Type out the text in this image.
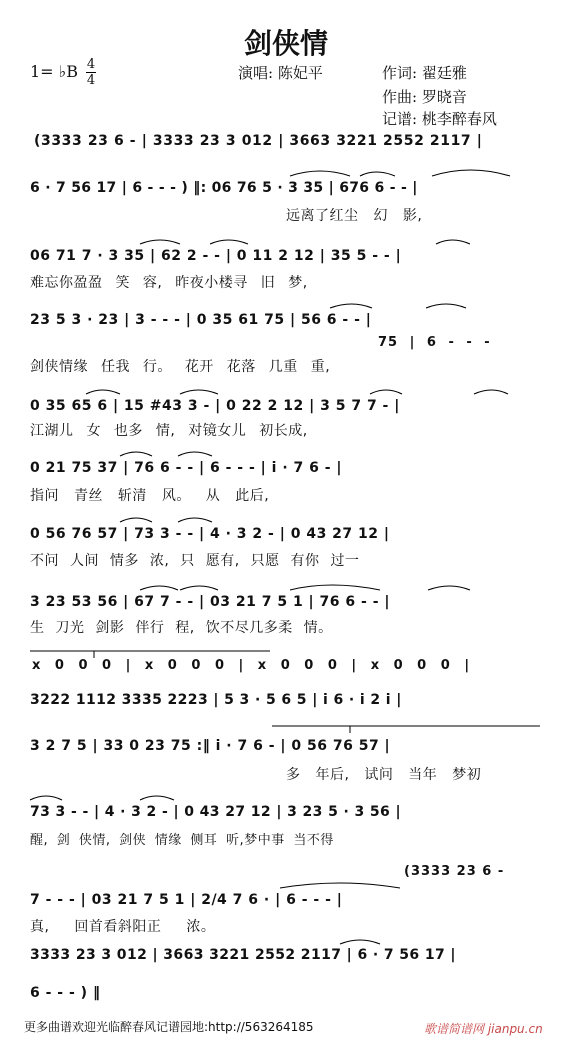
剑侠情
1= ♭B 4
4	演唱: 陈妃平	作词: 翟廷雅
作曲: 罗晓音
记谱: 桃李醉春风
(3333 23 6 - | 3333 23 3 012 | 3663 3221 2552 2117 |
6 · 7 56 17 | 6 - - - ) ‖: 06 76 5 · 3 35 | 676 6 - - |
远离了红尘 幻 影,
06 71 7 · 3 35 | 62 2 - - | 0 11 2 12 | 35 5 - - |
难忘你盈盈 笑 容, 昨夜小楼寻 旧 梦,
23 5 3 · 23 | 3 - - - | 0 35 61 75 | 56 6 - - |
75 | 6 - - -
剑侠情缘 任我 行。 花开 花落 几重 重,
0 35 65 6 | 15 #43 3 - | 0 22 2 12 | 3 5 7 7 - |
江湖儿 女 也多 情, 对镜女儿 初长成,
0 21 75 37 | 76 6 - - | 6 - - - | i · 7 6 - |
指问 青丝 斩清 风。 从 此后,
0 56 76 57 | 73 3 - - | 4 · 3 2 - | 0 43 27 12 |
不问 人间 情多 浓, 只 愿有, 只愿 有你 过一
3 23 53 56 | 67 7 - - | 03 21 7 5 1 | 76 6 - - |
生 刀光 剑影 伴行 程, 饮不尽几多柔 情。
x 0 0 0 | x 0 0 0 | x 0 0 0 | x 0 0 0 |
3222 1112 3335 2223 | 5 3 · 5 6 5 | i 6 · i 2 i |
3 2 7 5 | 33 0 23 75 :‖ i · 7 6 - | 0 56 76 57 |
多 年后, 试问 当年 梦初
73 3 - - | 4 · 3 2 - | 0 43 27 12 | 3 23 5 · 3 56 |
醒, 剑 侠情, 剑侠 情缘 侧耳 听,梦中事 当不得
(3333 23 6 -
7 - - - | 03 21 7 5 1 | 2/4 7 6 · | 6 - - - |
真, 回首看斜阳正 浓。
3333 23 3 012 | 3663 3221 2552 2117 | 6 · 7 56 17 |
6 - - - ) ‖
更多曲谱欢迎光临醉春风记谱园地:http://563264185	歌谱简谱网 jianpu.cn
